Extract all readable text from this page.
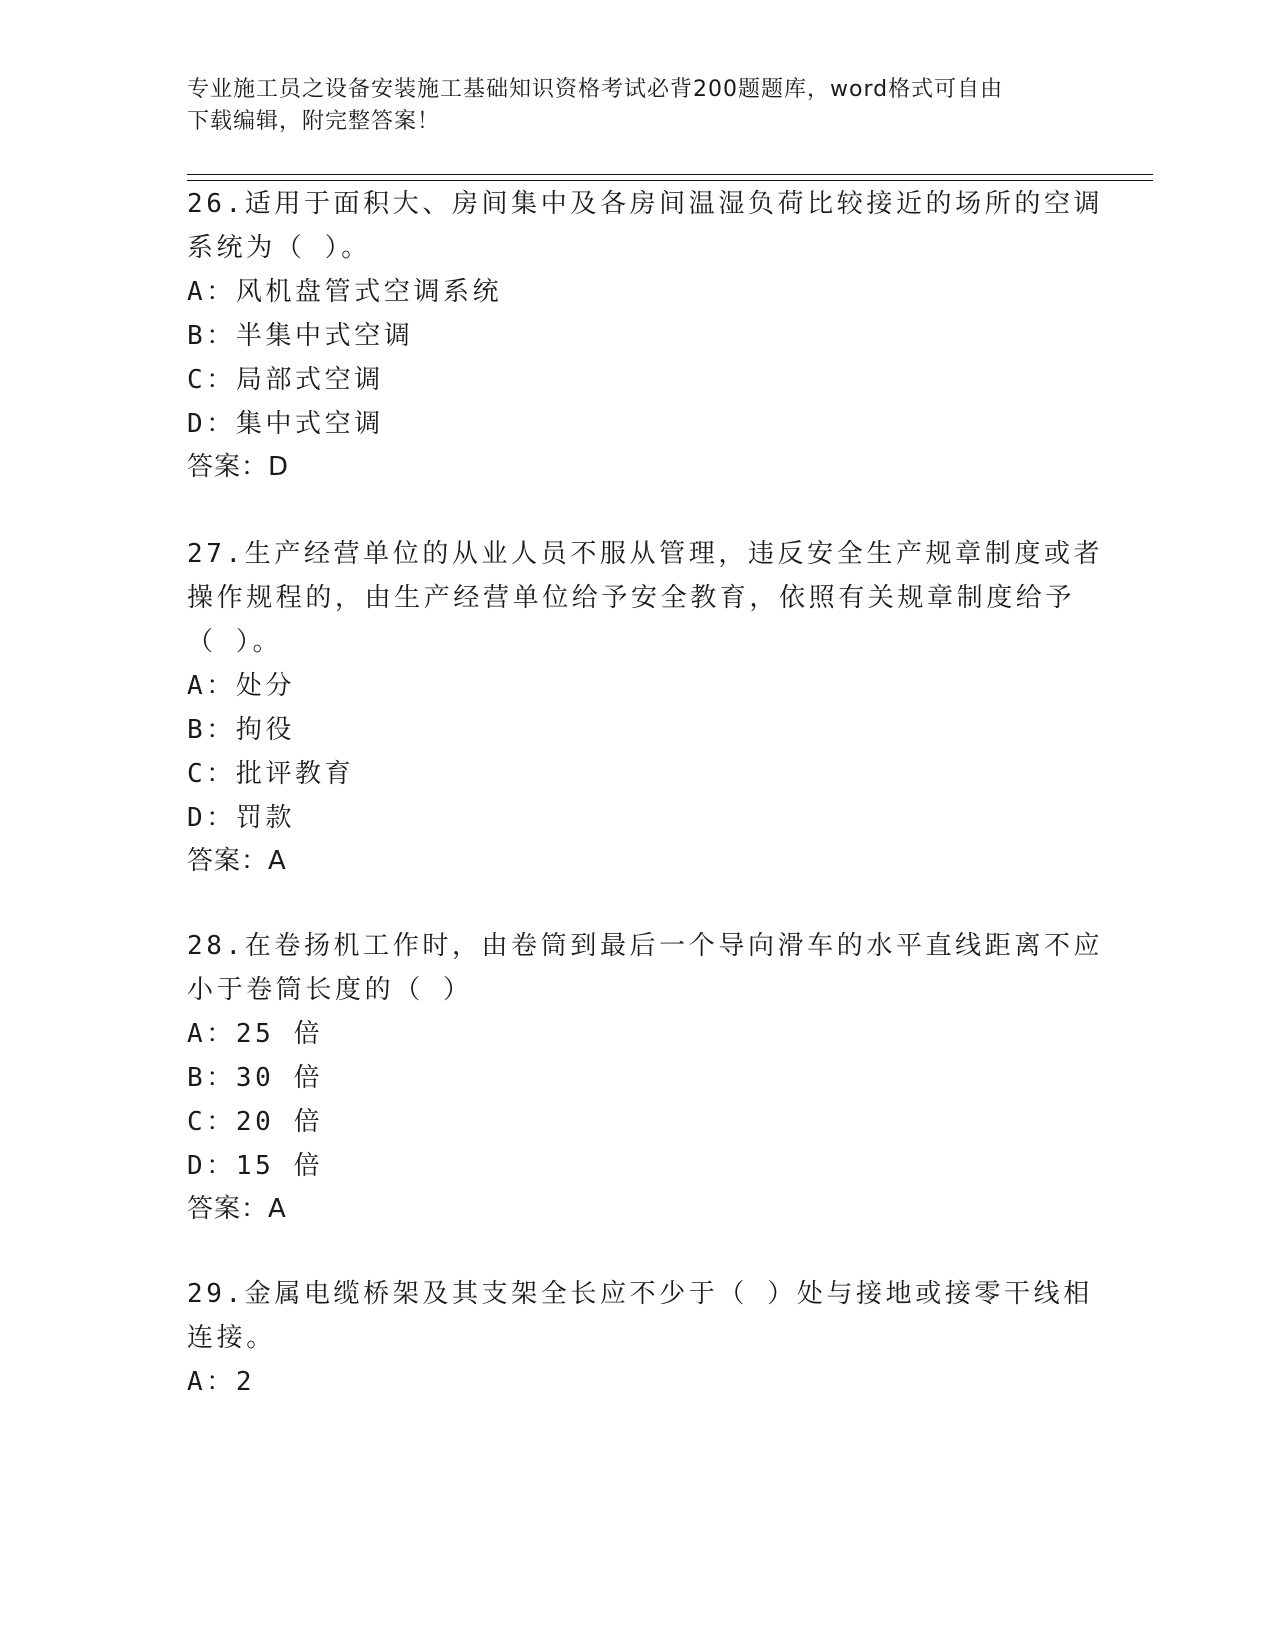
专业施工员之设备安装施工基础知识资格考试必背200题题库，word格式可自由
下载编辑，附完整答案！
26.适用于面积大、房间集中及各房间温湿负荷比较接近的场所的空调
系统为（ ）。
A：风机盘管式空调系统
B：半集中式空调
C：局部式空调
D：集中式空调
答案：D
27.生产经营单位的从业人员不服从管理，违反安全生产规章制度或者
操作规程的，由生产经营单位给予安全教育，依照有关规章制度给予
（ ）。
A：处分
B：拘役
C：批评教育
D：罚款
答案：A
28.在卷扬机工作时，由卷筒到最后一个导向滑车的水平直线距离不应
小于卷筒长度的（ ）
A：25 倍
B：30 倍
C：20 倍
D：15 倍
答案：A
29.金属电缆桥架及其支架全长应不少于（ ）处与接地或接零干线相
连接。
A：2
